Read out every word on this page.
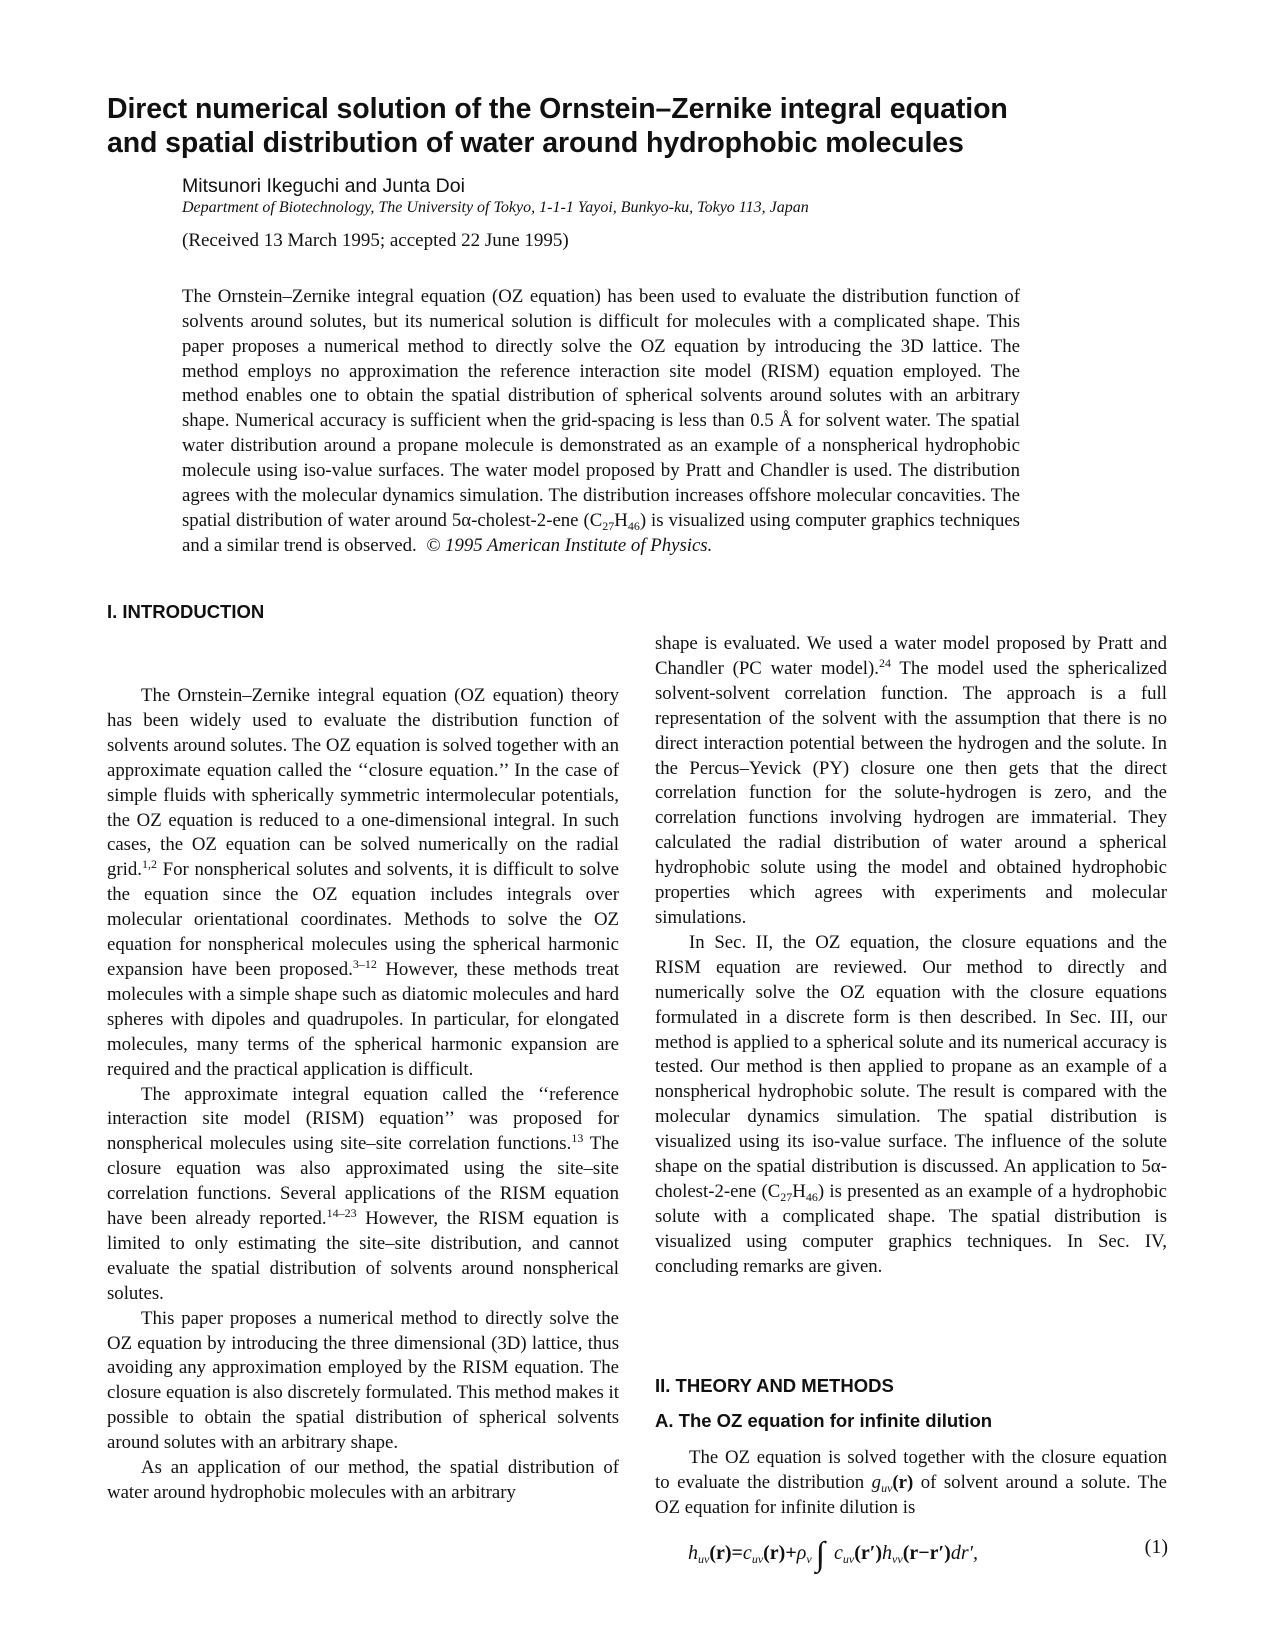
Direct numerical solution of the Ornstein–Zernike integral equation
and spatial distribution of water around hydrophobic molecules
Mitsunori Ikeguchi and Junta Doi
Department of Biotechnology, The University of Tokyo, 1-1-1 Yayoi, Bunkyo-ku, Tokyo 113, Japan
(Received 13 March 1995; accepted 22 June 1995)

The Ornstein–Zernike integral equation (OZ equation) has been used to evaluate the distribution function of solvents around solutes, but its numerical solution is difficult for molecules with a complicated shape. This paper proposes a numerical method to directly solve the OZ equation by introducing the 3D lattice. The method employs no approximation the reference interaction site model (RISM) equation employed. The method enables one to obtain the spatial distribution of spherical solvents around solutes with an arbitrary shape. Numerical accuracy is sufficient when the grid-spacing is less than 0.5 Å for solvent water. The spatial water distribution around a propane molecule is demonstrated as an example of a nonspherical hydrophobic molecule using iso-value surfaces. The water model proposed by Pratt and Chandler is used. The distribution agrees with the molecular dynamics simulation. The distribution increases offshore molecular concavities. The spatial distribution of water around 5α-cholest-2-ene $(C_{27}H_{46})$ is visualized using computer graphics techniques and a similar trend is observed. © 1995 American Institute of Physics.

I. INTRODUCTION

The Ornstein–Zernike integral equation (OZ equation) theory has been widely used to evaluate the distribution function of solvents around solutes. The OZ equation is solved together with an approximate equation called the ‘‘closure equation.’’ In the case of simple fluids with spherically symmetric intermolecular potentials, the OZ equation is reduced to a one-dimensional integral. In such cases, the OZ equation can be solved numerically on the radial grid.$^{1,2}$ For nonspherical solutes and solvents, it is difficult to solve the equation since the OZ equation includes integrals over molecular orientational coordinates. Methods to solve the OZ equation for nonspherical molecules using the spherical harmonic expansion have been proposed.$^{3-12}$ However, these methods treat molecules with a simple shape such as diatomic molecules and hard spheres with dipoles and quadrupoles. In particular, for elongated molecules, many terms of the spherical harmonic expansion are required and the practical application is difficult.

The approximate integral equation called the ‘‘reference interaction site model (RISM) equation’’ was proposed for nonspherical molecules using site–site correlation functions.$^{13}$ The closure equation was also approximated using the site–site correlation functions. Several applications of the RISM equation have been already reported.$^{14-23}$ However, the RISM equation is limited to only estimating the site–site distribution, and cannot evaluate the spatial distribution of solvents around nonspherical solutes.

This paper proposes a numerical method to directly solve the OZ equation by introducing the three dimensional (3D) lattice, thus avoiding any approximation employed by the RISM equation. The closure equation is also discretely formulated. This method makes it possible to obtain the spatial distribution of spherical solvents around solutes with an arbitrary shape.

As an application of our method, the spatial distribution of water around hydrophobic molecules with an arbitrary

shape is evaluated. We used a water model proposed by Pratt and Chandler (PC water model).$^{24}$ The model used the sphericalized solvent-solvent correlation function. The approach is a full representation of the solvent with the assumption that there is no direct interaction potential between the hydrogen and the solute. In the Percus–Yevick (PY) closure one then gets that the direct correlation function for the solute-hydrogen is zero, and the correlation functions involving hydrogen are immaterial. They calculated the radial distribution of water around a spherical hydrophobic solute using the model and obtained hydrophobic properties which agrees with experiments and molecular simulations.

In Sec. II, the OZ equation, the closure equations and the RISM equation are reviewed. Our method to directly and numerically solve the OZ equation with the closure equations formulated in a discrete form is then described. In Sec. III, our method is applied to a spherical solute and its numerical accuracy is tested. Our method is then applied to propane as an example of a nonspherical hydrophobic solute. The result is compared with the molecular dynamics simulation. The spatial distribution is visualized using its iso-value surface. The influence of the solute shape on the spatial distribution is discussed. An application to 5α-cholest-2-ene $(C_{27}H_{46})$ is presented as an example of a hydrophobic solute with a complicated shape. The spatial distribution is visualized using computer graphics techniques. In Sec. IV, concluding remarks are given.

II. THEORY AND METHODS
A. The OZ equation for infinite dilution

The OZ equation is solved together with the closure equation to evaluate the distribution $g_{uv}(r)$ of solvent around a solute. The OZ equation for infinite dilution is

$h_{uv}(r)=c_{uv}(r)+\rho_v$ ∫ $c_{uv}(r')h_{vv}(r-r')dr'$,	(1)
